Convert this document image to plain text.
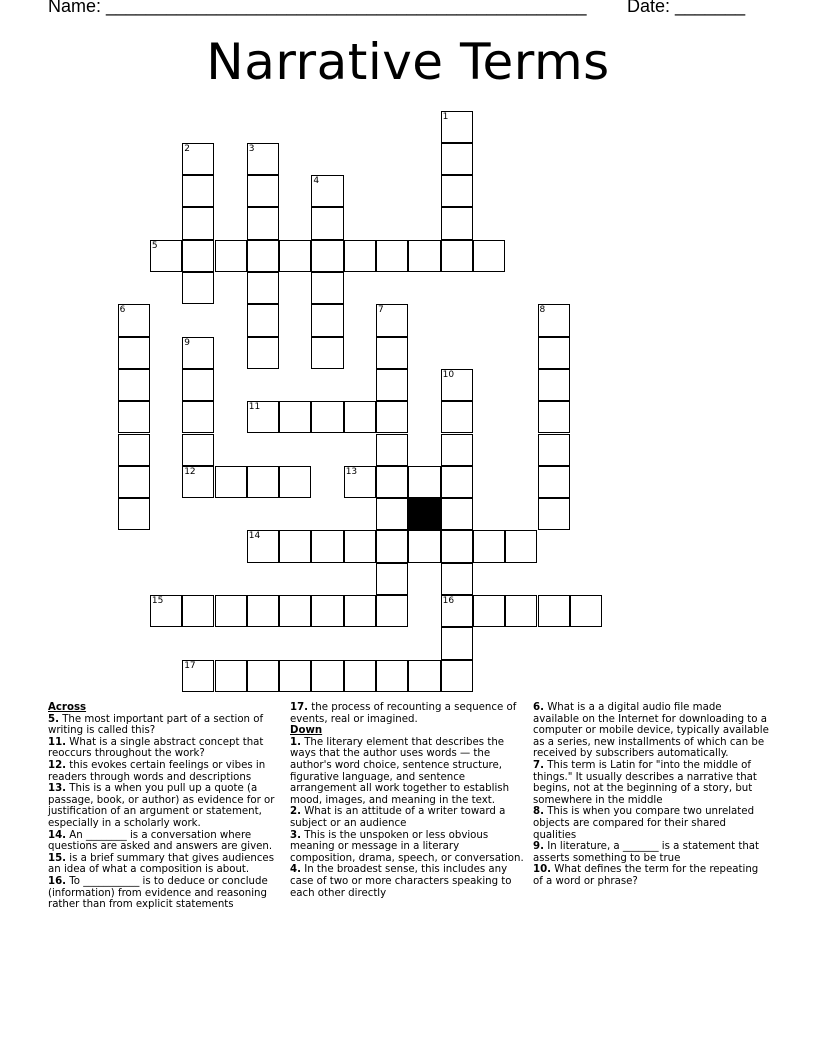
Name: ________________________________________________ Date: _______
Narrative Terms
1
2	3
4
5
6	7	8
9
12
10
16
11
13
14
15
17

Across

5. The most important part of a section of writing is called this?

11. What is a single abstract concept that reoccurs throughout the work?

12. this evokes certain feelings or vibes in readers through words and descriptions

13. This is a when you pull up a quote (a passage, book, or author) as evidence for or justification of an argument or statement, especially in a scholarly work.

14. An ________ is a conversation where questions are asked and answers are given.

15. is a brief summary that gives audiences an idea of what a composition is about.

16. To ___________ is to deduce or conclude (information) from evidence and reasoning rather than from explicit statements

17. the process of recounting a sequence of events, real or imagined.

Down

1. The literary element that describes the ways that the author uses words — the author's word choice, sentence structure, figurative language, and sentence arrangement all work together to establish mood, images, and meaning in the text.

2. What is an attitude of a writer toward a subject or an audience

3. This is the unspoken or less obvious meaning or message in a literary composition, drama, speech, or conversation.

4. In the broadest sense, this includes any case of two or more characters speaking to each other directly

6. What is a a digital audio file made available on the Internet for downloading to a computer or mobile device, typically available as a series, new installments of which can be received by subscribers automatically.

7. This term is Latin for "into the middle of things." It usually describes a narrative that begins, not at the beginning of a story, but somewhere in the middle

8. This is when you compare two unrelated objects are compared for their shared qualities

9. In literature, a _______ is a statement that asserts something to be true

10. What defines the term for the repeating of a word or phrase?
